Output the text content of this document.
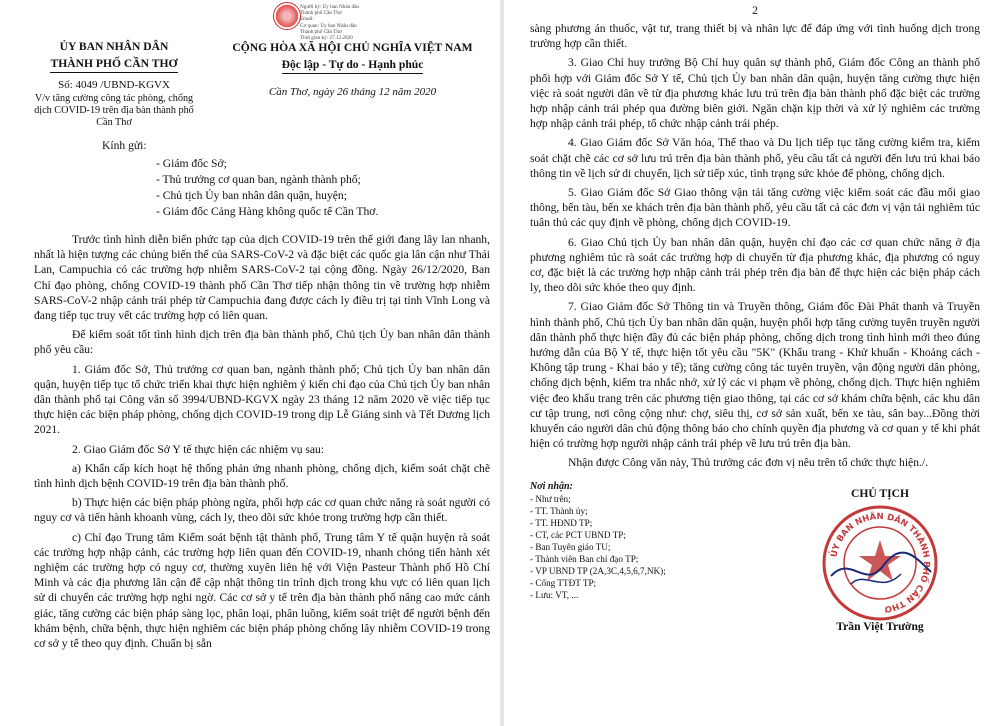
Người ký: Ủy ban Nhân dân
Thành phố Cần Thơ
Email:
Cơ quan: Ủy ban Nhân dân
Thành phố Cần Thơ
Thời gian ký: 27.12.2020
ỦY BAN NHÂN DÂN
THÀNH PHỐ CẦN THƠ
Số: 4049 /UBND-KGVX
V/v tăng cường công tác phòng, chống dịch COVID-19 trên địa bàn thành phố Cần Thơ
CỘNG HÒA XÃ HỘI CHỦ NGHĨA VIỆT NAM
Độc lập - Tự do - Hạnh phúc
Cần Thơ, ngày 26 tháng 12 năm 2020
Kính gửi:
- Giám đốc Sở;
- Thủ trưởng cơ quan ban, ngành thành phố;
- Chủ tịch Ủy ban nhân dân quận, huyện;
- Giám đốc Cảng Hàng không quốc tế Cần Thơ.

Trước tình hình diễn biến phức tạp của dịch COVID-19 trên thế giới đang lây lan nhanh, nhất là hiện tượng các chủng biến thể của SARS-CoV-2 và đặc biệt các quốc gia lân cận như Thái Lan, Campuchia có các trường hợp nhiễm SARS-CoV-2 tại cộng đồng. Ngày 26/12/2020, Ban Chỉ đạo phòng, chống COVID-19 thành phố Cần Thơ tiếp nhận thông tin về trường hợp nhiễm SARS-CoV-2 nhập cảnh trái phép từ Campuchia đang được cách ly điều trị tại tỉnh Vĩnh Long và đang tiếp tục truy vết các trường hợp có liên quan.

Để kiểm soát tốt tình hình dịch trên địa bàn thành phố, Chủ tịch Ủy ban nhân dân thành phố yêu cầu:

1. Giám đốc Sở, Thủ trưởng cơ quan ban, ngành thành phố; Chủ tịch Ủy ban nhân dân quận, huyện tiếp tục tổ chức triển khai thực hiện nghiêm ý kiến chỉ đạo của Chủ tịch Ủy ban nhân dân thành phố tại Công văn số 3994/UBND-KGVX ngày 23 tháng 12 năm 2020 về việc tiếp tục thực hiện các biện pháp phòng, chống dịch COVID-19 trong dịp Lễ Giáng sinh và Tết Dương lịch 2021.

2. Giao Giám đốc Sở Y tế thực hiện các nhiệm vụ sau:

a) Khẩn cấp kích hoạt hệ thống phản ứng nhanh phòng, chống dịch, kiểm soát chặt chẽ tình hình dịch bệnh COVID-19 trên địa bàn thành phố.

b) Thực hiện các biện pháp phòng ngừa, phối hợp các cơ quan chức năng rà soát người có nguy cơ và tiến hành khoanh vùng, cách ly, theo dõi sức khỏe trong trường hợp cần thiết.

c) Chỉ đạo Trung tâm Kiểm soát bệnh tật thành phố, Trung tâm Y tế quận huyện rà soát các trường hợp nhập cảnh, các trường hợp liên quan đến COVID-19, nhanh chóng tiến hành xét nghiệm các trường hợp có nguy cơ, thường xuyên liên hệ với Viện Pasteur Thành phố Hồ Chí Minh và các địa phương lân cận để cập nhật thông tin trình dịch trong khu vực có liên quan lịch sử di chuyển các trường hợp nghi ngờ. Các cơ sở y tế trên địa bàn thành phố nâng cao mức cảnh giác, tăng cường các biện pháp sàng lọc, phân loại, phân luồng, kiểm soát triệt để người bệnh đến khám bệnh, chữa bệnh, thực hiện nghiêm các biện pháp phòng chống lây nhiễm COVID-19 trong cơ sở y tế theo quy định. Chuẩn bị sẵn

2

sàng phương án thuốc, vật tư, trang thiết bị và nhân lực để đáp ứng với tình huống dịch trong trường hợp cần thiết.

3. Giao Chỉ huy trưởng Bộ Chỉ huy quân sự thành phố, Giám đốc Công an thành phố phối hợp với Giám đốc Sở Y tế, Chủ tịch Ủy ban nhân dân quận, huyện tăng cường thực hiện việc rà soát người dân về từ địa phương khác lưu trú trên địa bàn thành phố đặc biệt các trường hợp nhập cảnh trái phép qua đường biên giới. Ngăn chặn kịp thời và xử lý nghiêm các trường hợp nhập cảnh trái phép, tổ chức nhập cảnh trái phép.

4. Giao Giám đốc Sở Văn hóa, Thể thao và Du lịch tiếp tục tăng cường kiểm tra, kiểm soát chặt chẽ các cơ sở lưu trú trên địa bàn thành phố, yêu cầu tất cả người đến lưu trú khai báo thông tin về lịch sử di chuyển, lịch sử tiếp xúc, tình trạng sức khỏe để phòng, chống dịch.

5. Giao Giám đốc Sở Giao thông vận tải tăng cường việc kiểm soát các đầu mối giao thông, bến tàu, bến xe khách trên địa bàn thành phố, yêu cầu tất cả các đơn vị vận tải nghiêm túc tuân thủ các quy định về phòng, chống dịch COVID-19.

6. Giao Chủ tịch Ủy ban nhân dân quận, huyện chỉ đạo các cơ quan chức năng ở địa phương nghiêm túc rà soát các trường hợp di chuyển từ địa phương khác, địa phương có nguy cơ, đặc biệt là các trường hợp nhập cảnh trái phép trên địa bàn để thực hiện các biện pháp cách ly, theo dõi sức khỏe theo quy định.

7. Giao Giám đốc Sở Thông tin và Truyền thông, Giám đốc Đài Phát thanh và Truyền hình thành phố, Chủ tịch Ủy ban nhân dân quận, huyện phối hợp tăng cường tuyên truyền người dân thành phố thực hiện đầy đủ các biện pháp phòng, chống dịch trong tình hình mới theo đúng hướng dẫn của Bộ Y tế, thực hiện tốt yêu cầu "5K" (Khẩu trang - Khử khuẩn - Khoảng cách - Không tập trung - Khai báo y tế); tăng cường công tác tuyên truyền, vận động người dân phòng, chống dịch bệnh, kiểm tra nhắc nhở, xử lý các vi phạm về phòng, chống dịch. Thực hiện nghiêm việc đeo khẩu trang trên các phương tiện giao thông, tại các cơ sở khám chữa bệnh, các khu dân cư tập trung, nơi công cộng như: chợ, siêu thị, cơ sở sản xuất, bến xe tàu, sân bay...Đồng thời khuyến cáo người dân chủ động thông báo cho chính quyền địa phương và cơ quan y tế khi phát hiện có trường hợp người nhập cảnh trái phép về lưu trú trên địa bàn.

Nhận được Công văn này, Thủ trưởng các đơn vị nêu trên tổ chức thực hiện./.

Nơi nhận:
- Như trên;
- TT. Thành ủy;
- TT. HĐND TP;
- CT, các PCT UBND TP;
- Ban Tuyên giáo TU;
- Thành viên Ban chỉ đạo TP;
- VP UBND TP (2A,3C,4,5,6,7,NK);
- Cổng TTĐT TP;
- Lưu: VT, ...
CHỦ TỊCH
ỦY BAN NHÂN DÂN THÀNH PHỐ CẦN THƠ
Trần Việt Trường
